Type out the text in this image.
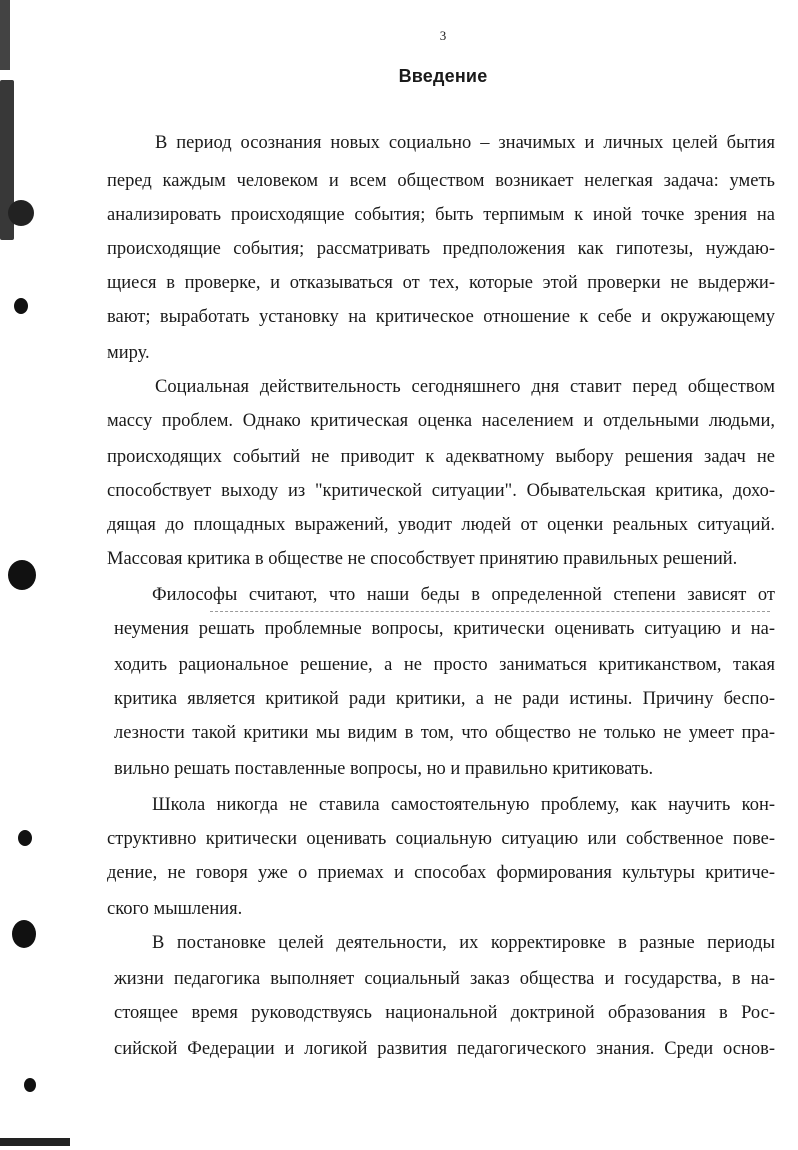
3
Введение
В период осознания новых социально – значимых и личных целей бытия
перед каждым человеком и всем обществом возникает нелегкая задача: уметь
анализировать происходящие события; быть терпимым к иной точке зрения на
происходящие события; рассматривать предположения как гипотезы, нуждаю-
щиеся в проверке, и отказываться от тех, которые этой проверки не выдержи-
вают; выработать установку на критическое отношение к себе и окружающему
миру.
Социальная действительность сегодняшнего дня ставит перед обществом
массу проблем. Однако критическая оценка населением и отдельными людьми,
происходящих событий не приводит к адекватному выбору решения задач не
способствует выходу из "критической ситуации". Обывательская критика, дохо-
дящая до площадных выражений, уводит людей от оценки реальных ситуаций.
Массовая критика в обществе не способствует принятию правильных решений.
Философы считают, что наши беды в определенной степени зависят от
неумения решать проблемные вопросы, критически оценивать ситуацию и на-
ходить рациональное решение, а не просто заниматься критиканством, такая
критика является критикой ради критики, а не ради истины. Причину беспо-
лезности такой критики мы видим в том, что общество не только не умеет пра-
вильно решать поставленные вопросы, но и правильно критиковать.
Школа никогда не ставила самостоятельную проблему, как научить кон-
структивно критически оценивать социальную ситуацию или собственное пове-
дение, не говоря уже о приемах и способах формирования культуры критиче-
ского мышления.
В постановке целей деятельности, их корректировке в разные периоды
жизни педагогика выполняет социальный заказ общества и государства, в на-
стоящее время руководствуясь национальной доктриной образования в Рос-
сийской Федерации и логикой развития педагогического знания. Среди основ-
